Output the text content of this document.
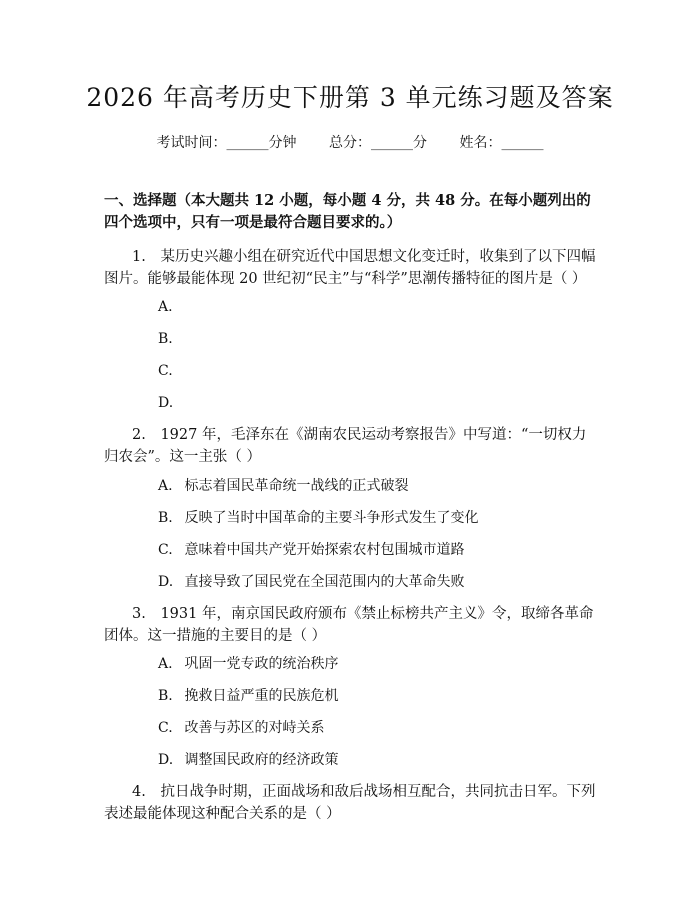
2026 年高考历史下册第 3 单元练习题及答案
考试时间：______分钟 总分：______分 姓名：______
一、选择题（本大题共 12 小题，每小题 4 分，共 48 分。在每小题列出的四个选项中，只有一项是最符合题目要求的。）
1. 某历史兴趣小组在研究近代中国思想文化变迁时，收集到了以下四幅图片。能够最能体现 20 世纪初“民主”与“科学”思潮传播特征的图片是（ ）
A.
B.
C.
D.
2. 1927 年，毛泽东在《湖南农民运动考察报告》中写道：“一切权力归农会”。这一主张（ ）
A. 标志着国民革命统一战线的正式破裂
B. 反映了当时中国革命的主要斗争形式发生了变化
C. 意味着中国共产党开始探索农村包围城市道路
D. 直接导致了国民党在全国范围内的大革命失败
3. 1931 年，南京国民政府颁布《禁止标榜共产主义》令，取缔各革命团体。这一措施的主要目的是（ ）
A. 巩固一党专政的统治秩序
B. 挽救日益严重的民族危机
C. 改善与苏区的对峙关系
D. 调整国民政府的经济政策
4. 抗日战争时期，正面战场和敌后战场相互配合，共同抗击日军。下列表述最能体现这种配合关系的是（ ）
